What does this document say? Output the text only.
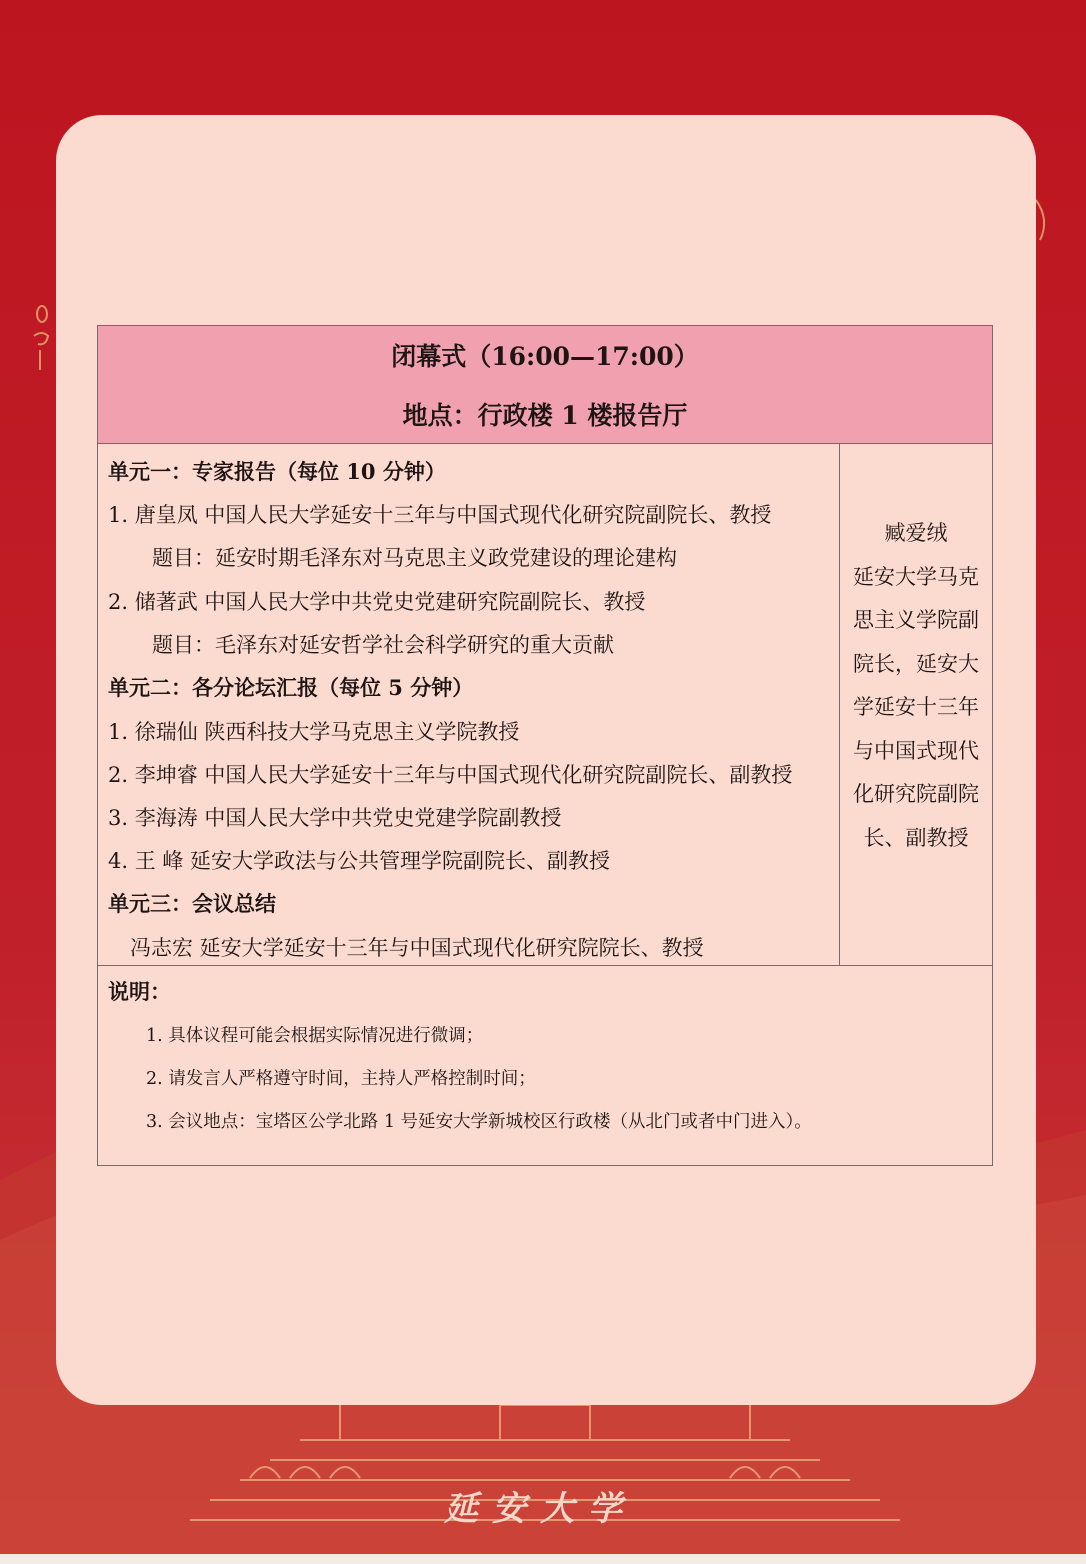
闭幕式（16:00—17:00）
地点：行政楼 1 楼报告厅
单元一：专家报告（每位 10 分钟）
1. 唐皇凤 中国人民大学延安十三年与中国式现代化研究院副院长、教授
题目：延安时期毛泽东对马克思主义政党建设的理论建构
2. 储著武 中国人民大学中共党史党建研究院副院长、教授
题目：毛泽东对延安哲学社会科学研究的重大贡献
单元二：各分论坛汇报（每位 5 分钟）
1. 徐瑞仙 陕西科技大学马克思主义学院教授
2. 李坤睿 中国人民大学延安十三年与中国式现代化研究院副院长、副教授
3. 李海涛 中国人民大学中共党史党建学院副教授
4. 王 峰 延安大学政法与公共管理学院副院长、副教授
单元三：会议总结
冯志宏 延安大学延安十三年与中国式现代化研究院院长、教授
臧爱绒
延安大学马克
思主义学院副
院长，延安大
学延安十三年
与中国式现代
化研究院副院
长、副教授
说明：
1. 具体议程可能会根据实际情况进行微调；
2. 请发言人严格遵守时间，主持人严格控制时间；
3. 会议地点：宝塔区公学北路 1 号延安大学新城校区行政楼（从北门或者中门进入）。
延安大学
